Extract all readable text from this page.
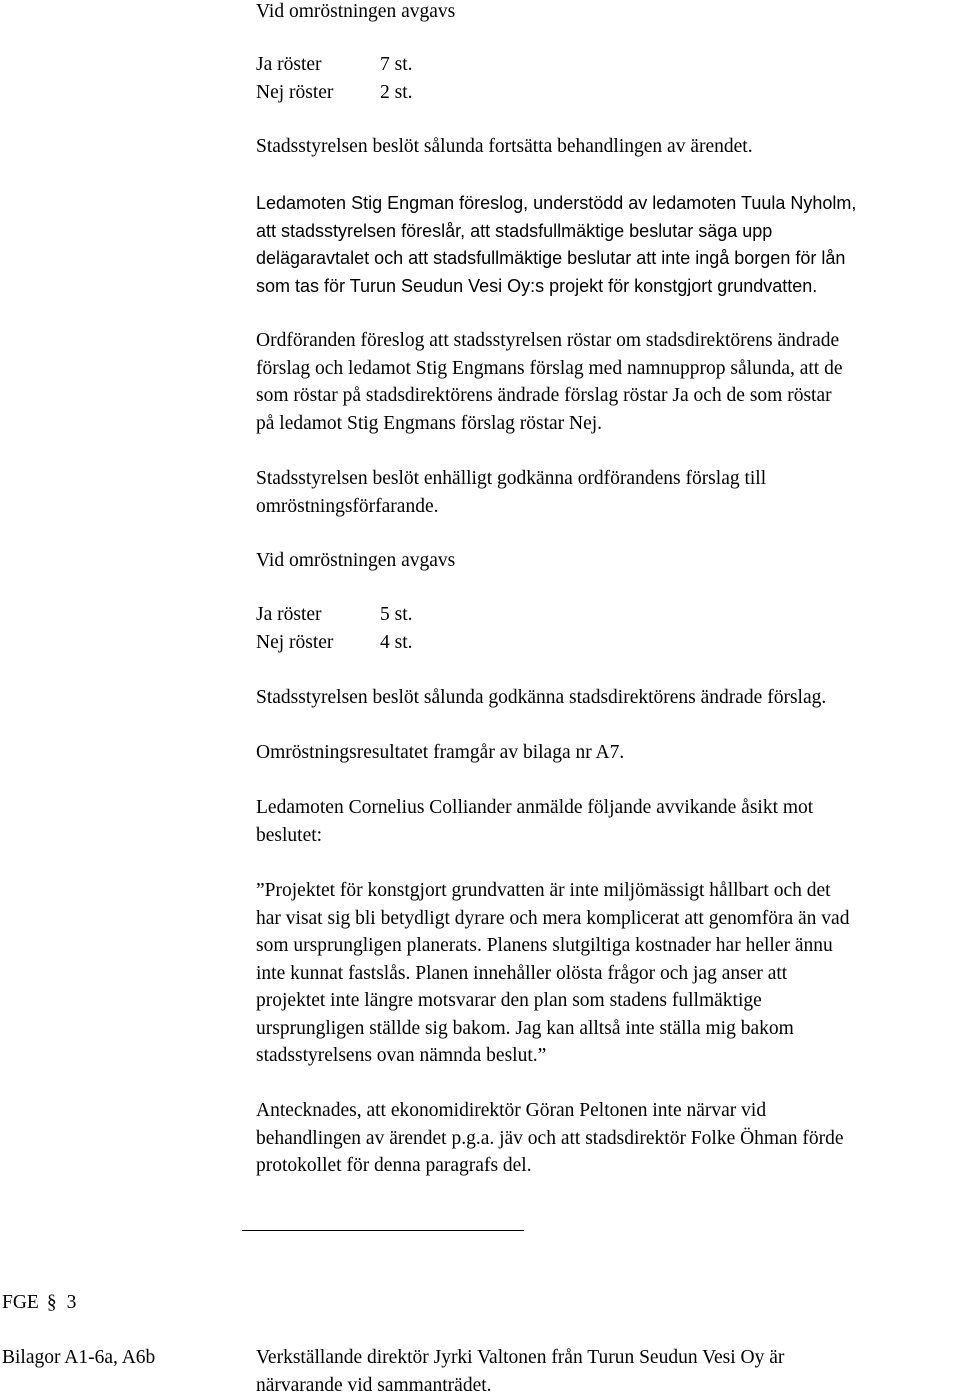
Vid omröstningen avgavs
Ja röster	7 st.
Nej röster 2 st.
Stadsstyrelsen beslöt sålunda fortsätta behandlingen av ärendet.
Ledamoten Stig Engman föreslog, understödd av ledamoten Tuula Nyholm,
att stadsstyrelsen föreslår, att stadsfullmäktige beslutar säga upp
delägaravtalet och att stadsfullmäktige beslutar att inte ingå borgen för lån
som tas för Turun Seudun Vesi Oy:s projekt för konstgjort grundvatten.
Ordföranden föreslog att stadsstyrelsen röstar om stadsdirektörens ändrade
förslag och ledamot Stig Engmans förslag med namnupprop sålunda, att de
som röstar på stadsdirektörens ändrade förslag röstar Ja och de som röstar
på ledamot Stig Engmans förslag röstar Nej.
Stadsstyrelsen beslöt enhälligt godkänna ordförandens förslag till
omröstningsförfarande.
Vid omröstningen avgavs
Ja röster	5 st.
Nej röster 4 st.
Stadsstyrelsen beslöt sålunda godkänna stadsdirektörens ändrade förslag.
Omröstningsresultatet framgår av bilaga nr A7.
Ledamoten Cornelius Colliander anmälde följande avvikande åsikt mot
beslutet:
”Projektet för konstgjort grundvatten är inte miljömässigt hållbart och det
har visat sig bli betydligt dyrare och mera komplicerat att genomföra än vad
som ursprungligen planerats. Planens slutgiltiga kostnader har heller ännu
inte kunnat fastslås. Planen innehåller olösta frågor och jag anser att
projektet inte längre motsvarar den plan som stadens fullmäktige
ursprungligen ställde sig bakom. Jag kan alltså inte ställa mig bakom
stadsstyrelsens ovan nämnda beslut.”
Antecknades, att ekonomidirektör Göran Peltonen inte närvar vid
behandlingen av ärendet p.g.a. jäv och att stadsdirektör Folke Öhman förde
protokollet för denna paragrafs del.
FGE § 3
Bilagor A1-6a, A6b	Verkställande direktör Jyrki Valtonen från Turun Seudun Vesi Oy är
närvarande vid sammanträdet.
